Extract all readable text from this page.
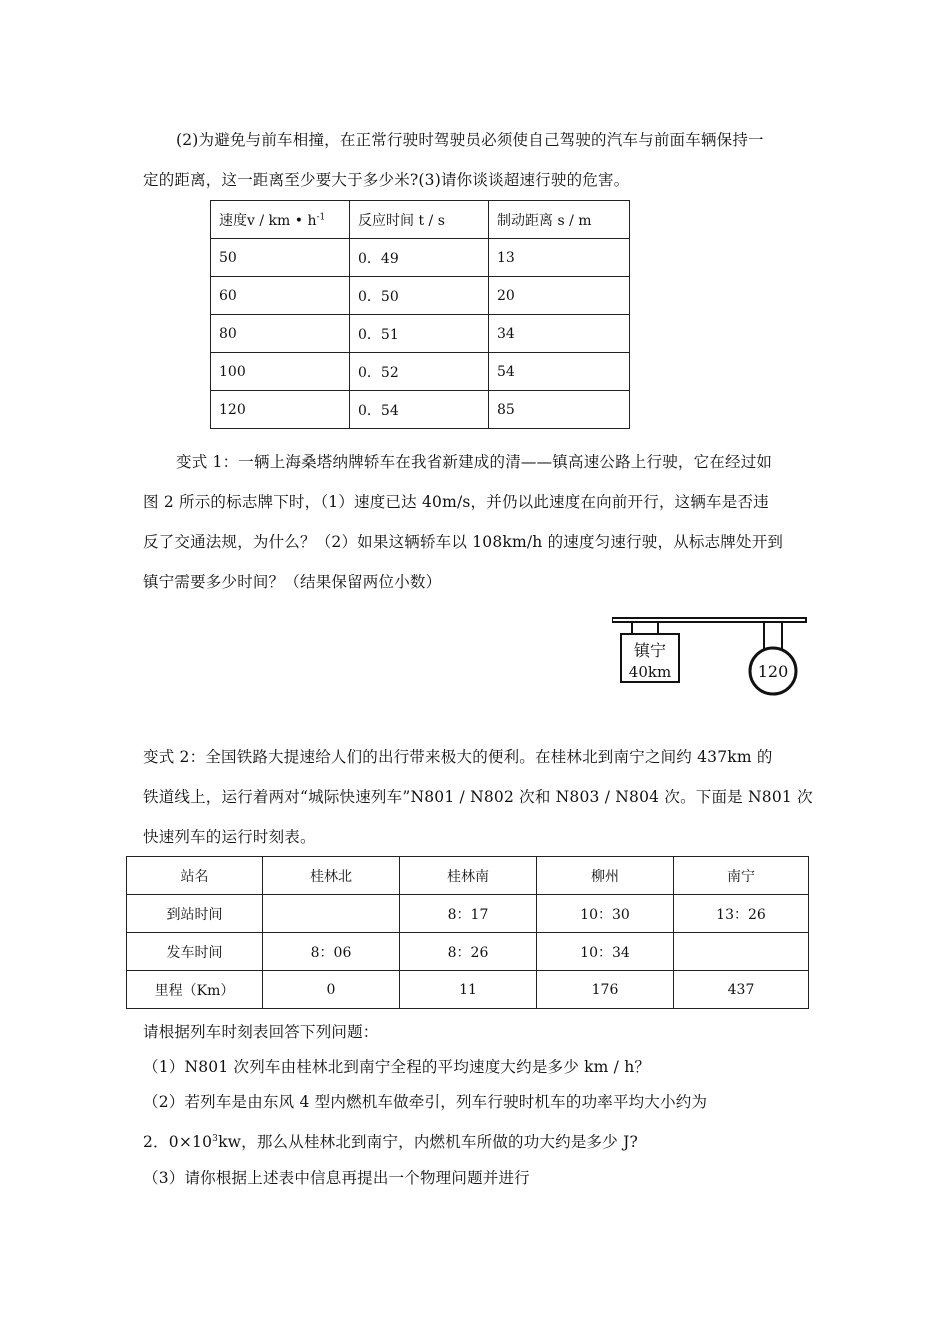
(2)为避免与前车相撞，在正常行驶时驾驶员必须使自己驾驶的汽车与前面车辆保持一
定的距离，这一距离至少要大于多少米?(3)请你谈谈超速行驶的危害。
速度v / km • $h^{-1}$	反应时间 t / s	制动距离 s / m
50	0．49	13
60	0．50	20
80	0．51	34
100	0．52	54
120	0．54	85
变式 1：一辆上海桑塔纳牌轿车在我省新建成的清——镇高速公路上行驶，它在经过如
图 2 所示的标志牌下时，（1）速度已达 40m/s，并仍以此速度在向前开行，这辆车是否违
反了交通法规，为什么？（2）如果这辆轿车以 108km/h 的速度匀速行驶，从标志牌处开到
镇宁需要多少时间？（结果保留两位小数）
镇宁
40km	120
变式 2：全国铁路大提速给人们的出行带来极大的便利。在桂林北到南宁之间约 437km 的
铁道线上，运行着两对“城际快速列车”N801 / N802 次和 N803 / N804 次。下面是 N801 次
快速列车的运行时刻表。
站名	桂林北	桂林南	柳州	南宁
到站时间		8：17	10：30	13：26
发车时间	8：06	8：26	10：34	
里程（Km）	0	11	176	437
请根据列车时刻表回答下列问题：
（1）N801 次列车由桂林北到南宁全程的平均速度大约是多少 km / h？
（2）若列车是由东风 4 型内燃机车做牵引，列车行驶时机车的功率平均大小约为
2．$0\times 10^3kw$，那么从桂林北到南宁，内燃机车所做的功大约是多少 J?
（3）请你根据上述表中信息再提出一个物理问题并进行
